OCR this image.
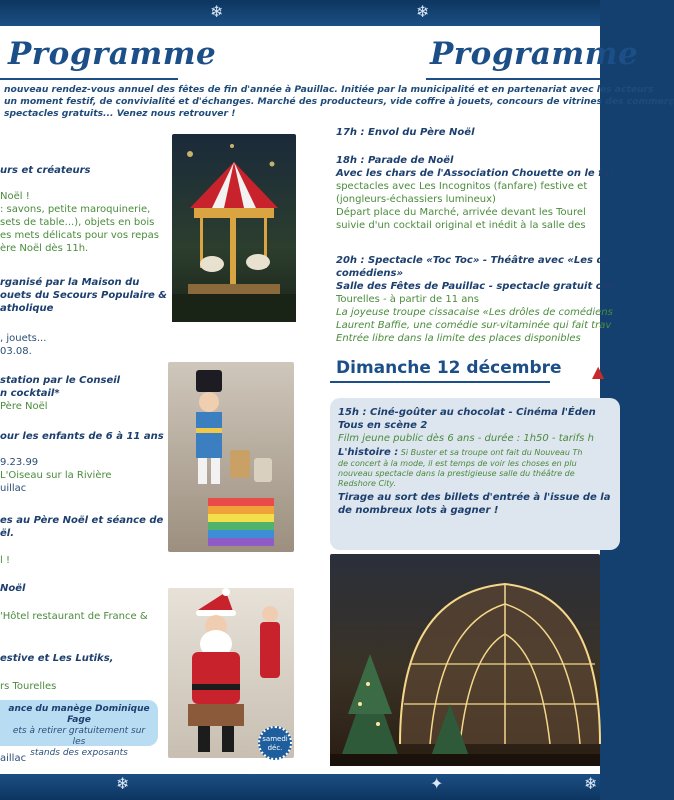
❄	❄
Programme	Programme
nouveau rendez-vous annuel des fêtes de fin d'année à Pauillac. Initiée par la municipalité et en partenariat avec les acteurs
un moment festif, de convivialité et d'échanges. Marché des producteurs, vide coffre à jouets, concours de vitrines des commerç
spectacles gratuits... Venez nous retrouver !
urs et créateurs
Noël !
: savons, petite maroquinerie,
sets de table...), objets en bois
es mets délicats pour vos repas
ère Noël dès 11h.
rganisé par la Maison du
ouets du Secours Populaire &
atholique
, jouets...
03.08.
station par le Conseil
n cocktail*
Père Noël
our les enfants de 6 à 11 ans
9.23.99
L'Oiseau sur la Rivière
uillac
es au Père Noël et séance de
ël.
l !
Noël
'Hôtel restaurant de France &
estive et Les Lutiks,
rs Tourelles
aillac
ance du manège Dominique Fage
ets à retirer gratuitement sur les
stands des exposants
samedi
déc.
17h : Envol du Père Noël
18h : Parade de Noël
Avec les chars de l'Association Chouette on le fai
spectacles avec Les Incognitos (fanfare) festive et
(jongleurs-échassiers lumineux)
Départ place du Marché, arrivée devant les Tourel
suivie d'un cocktail original et inédit à la salle des
20h : Spectacle «Toc Toc» - Théâtre avec «Les dr
comédiens»
Salle des Fêtes de Pauillac - spectacle gratuit offe
Tourelles - à partir de 11 ans
La joyeuse troupe cissacaise «Les drôles de comédiens
Laurent Baffie, une comédie sur-vitaminée qui fait trav
Entrée libre dans la limite des places disponibles
Dimanche 12 décembre ▲
15h : Ciné-goûter au chocolat - Cinéma l'Éden
Tous en scène 2
Film jeune public dès 6 ans - durée : 1h50 - tarifs h
L'histoire : Si Buster et sa troupe ont fait du Nouveau Th
de concert à la mode, il est temps de voir les choses en plu
nouveau spectacle dans la prestigieuse salle du théâtre de
Redshore City.
Tirage au sort des billets d'entrée à l'issue de la
de nombreux lots à gagner !
❄	✦	❄
